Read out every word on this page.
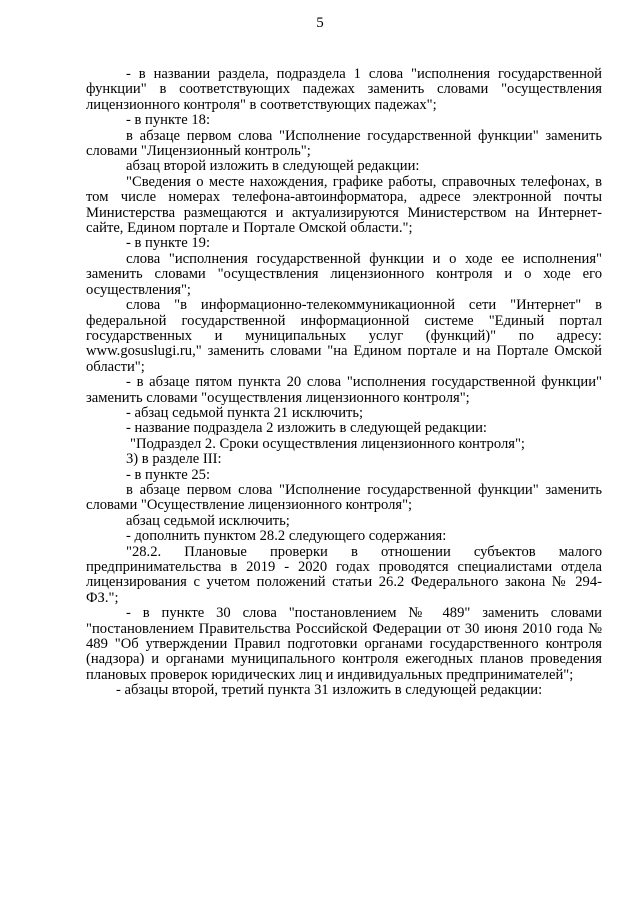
5

- в названии раздела, подраздела 1 слова "исполнения государственной функции" в соответствующих падежах заменить словами "осуществления лицензионного контроля" в соответствующих падежах";

- в пункте 18:

в абзаце первом слова "Исполнение государственной функции" заменить словами "Лицензионный контроль";

абзац второй изложить в следующей редакции:

"Сведения о месте нахождения, графике работы, справочных телефонах, в том числе номерах телефона-автоинформатора, адресе электронной почты Министерства размещаются и актуализируются Министерством на Интернет-сайте, Едином портале и Портале Омской области.";

- в пункте 19:

слова "исполнения государственной функции и о ходе ее исполнения" заменить словами "осуществления лицензионного контроля и о ходе его осуществления";

слова "в информационно-телекоммуникационной сети "Интернет" в федеральной государственной информационной системе "Единый портал государственных и муниципальных услуг (функций)" по адресу: www.gosuslugi.ru," заменить словами "на Едином портале и на Портале Омской области";

- в абзаце пятом пункта 20 слова "исполнения государственной функции" заменить словами "осуществления лицензионного контроля";

- абзац седьмой пункта 21 исключить;

- название подраздела 2 изложить в следующей редакции:

"Подраздел 2. Сроки осуществления лицензионного контроля";

3) в разделе III:

- в пункте 25:

в абзаце первом слова "Исполнение государственной функции" заменить словами "Осуществление лицензионного контроля";

абзац седьмой исключить;

- дополнить пунктом 28.2 следующего содержания:

"28.2. Плановые проверки в отношении субъектов малого предпринимательства в 2019 - 2020 годах проводятся специалистами отдела лицензирования с учетом положений статьи 26.2 Федерального закона № 294-ФЗ.";

- в пункте 30 слова "постановлением № 489" заменить словами "постановлением Правительства Российской Федерации от 30 июня 2010 года № 489 "Об утверждении Правил подготовки органами государственного контроля (надзора) и органами муниципального контроля ежегодных планов проведения плановых проверок юридических лиц и индивидуальных предпринимателей";

- абзацы второй, третий пункта 31 изложить в следующей редакции:
